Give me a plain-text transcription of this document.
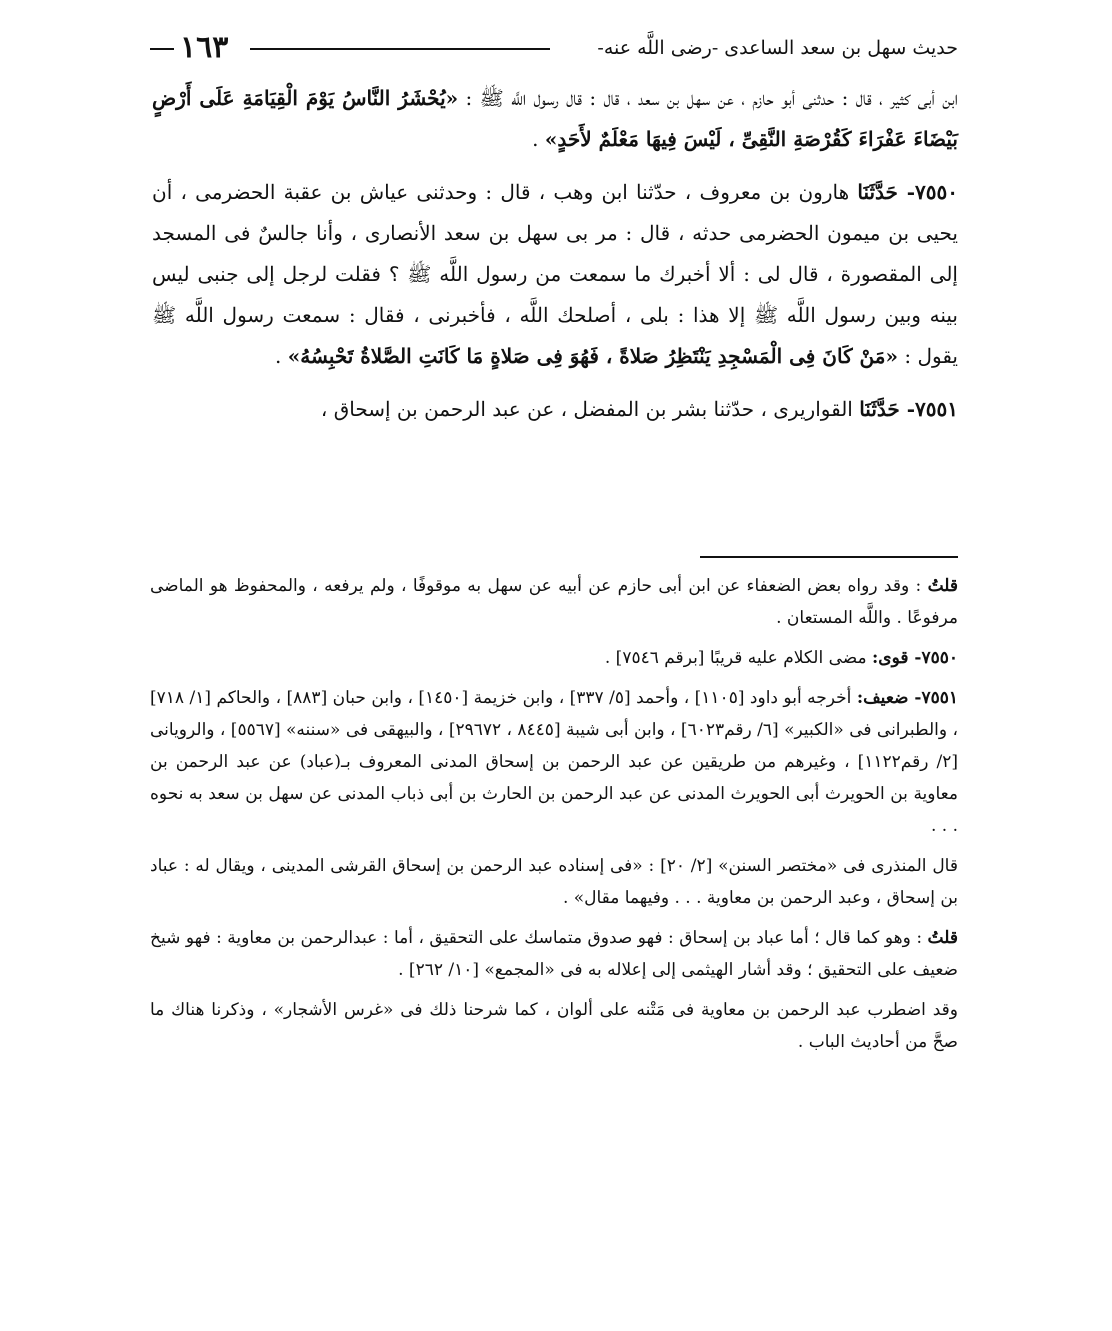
١٦٣	حديث سهل بن سعد الساعدى -رضى اللَّه عنه-

ابن أبى كثير ، قال : حدثنى أبو حازم ، عن سهل بن سعد ، قال : قال رسول اللَّه ﷺ : «يُحْشَرُ النَّاسُ يَوْمَ الْقِيَامَةِ عَلَى أَرْضٍ بَيْضَاءَ عَفْرَاءَ كَقُرْصَةِ النَّقِىِّ ، لَيْسَ فِيهَا مَعْلَمٌ لأَحَدٍ» .

٧٥٥٠- حَدَّثَنَا هارون بن معروف ، حدّثنا ابن وهب ، قال : وحدثنى عياش بن عقبة الحضرمى ، أن يحيى بن ميمون الحضرمى حدثه ، قال : مر بى سهل بن سعد الأنصارى ، وأنا جالسٌ فى المسجد إلى المقصورة ، قال لى : ألا أخبرك ما سمعت من رسول اللَّه ﷺ ؟ فقلت لرجل إلى جنبى ليس بينه وبين رسول اللَّه ﷺ إلا هذا : بلى ، أصلحك اللَّه ، فأخبرنى ، فقال : سمعت رسول اللَّه ﷺ يقول : «مَنْ كَانَ فِى الْمَسْجِدِ يَنْتَظِرُ صَلاةً ، فَهُوَ فِى صَلاةٍ مَا كَانَتِ الصَّلاةُ تَحْبِسُهُ» .

٧٥٥١- حَدَّثَنَا القواريرى ، حدّثنا بشر بن المفضل ، عن عبد الرحمن بن إسحاق ،

قلتُ : وقد رواه بعض الضعفاء عن ابن أبى حازم عن أبيه عن سهل به موقوفًا ، ولم يرفعه ، والمحفوظ هو الماضى مرفوعًا . واللَّه المستعان .

٧٥٥٠- قوى: مضى الكلام عليه قريبًا [برقم ٧٥٤٦] .

٧٥٥١- ضعيف: أخرجه أبو داود [١١٠٥] ، وأحمد [٥/ ٣٣٧] ، وابن خزيمة [١٤٥٠] ، وابن حبان [٨٨٣] ، والحاكم [١/ ٧١٨] ، والطبرانى فى «الكبير» [٦/ رقم٦٠٢٣] ، وابن أبى شيبة [٨٤٤٥ ، ٢٩٦٧٢] ، والبيهقى فى «سننه» [٥٥٦٧] ، والرويانى [٢/ رقم١١٢٢] ، وغيرهم من طريقين عن عبد الرحمن بن إسحاق المدنى المعروف بـ(عباد) عن عبد الرحمن بن معاوية بن الحويرث أبى الحويرث المدنى عن عبد الرحمن بن الحارث بن أبى ذباب المدنى عن سهل بن سعد به نحوه . . .

قال المنذرى فى «مختصر السنن» [٢/ ٢٠] : «فى إسناده عبد الرحمن بن إسحاق القرشى المدينى ، ويقال له : عباد بن إسحاق ، وعبد الرحمن بن معاوية . . . وفيهما مقال» .

قلتُ : وهو كما قال ؛ أما عباد بن إسحاق : فهو صدوق متماسك على التحقيق ، أما : عبدالرحمن بن معاوية : فهو شيخ ضعيف على التحقيق ؛ وقد أشار الهيثمى إلى إعلاله به فى «المجمع» [١٠/ ٢٦٢] .

وقد اضطرب عبد الرحمن بن معاوية فى مَتْنه على ألوان ، كما شرحنا ذلك فى «غرس الأشجار» ، وذكرنا هناك ما صحَّ من أحاديث الباب .
